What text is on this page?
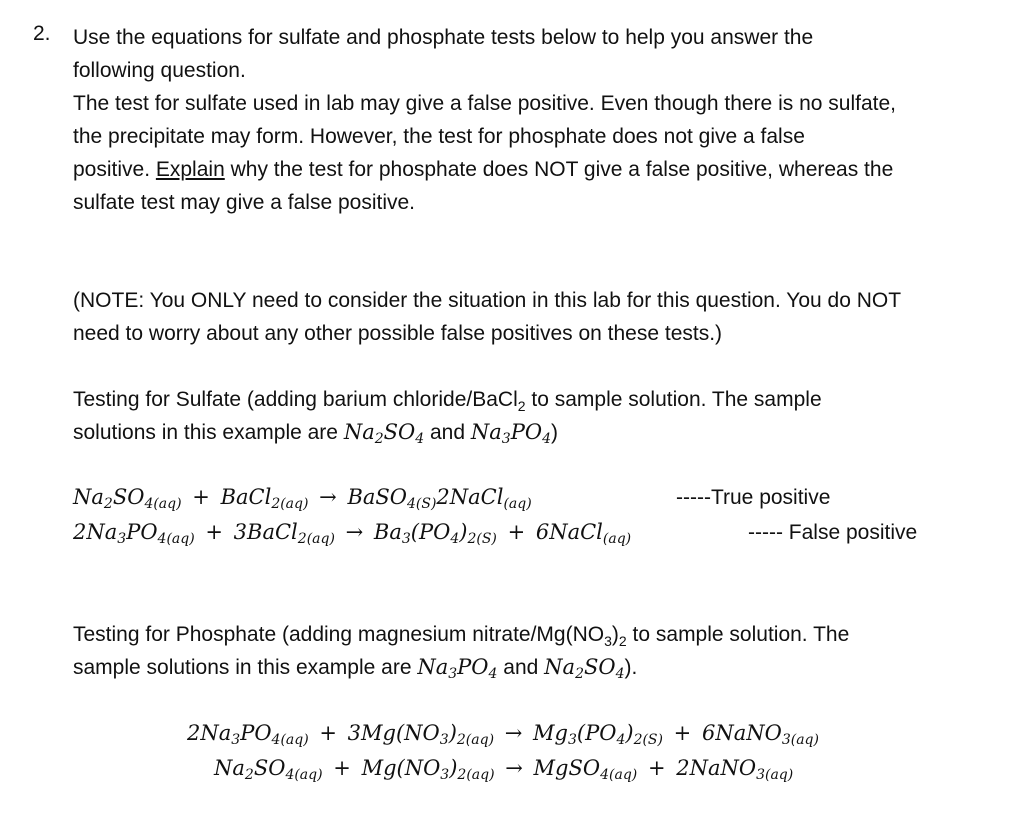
2. Use the equations for sulfate and phosphate tests below to help you answer the
following question.
The test for sulfate used in lab may give a false positive. Even though there is no sulfate,
the precipitate may form. However, the test for phosphate does not give a false
positive. Explain why the test for phosphate does NOT give a false positive, whereas the
sulfate test may give a false positive.
(NOTE: You ONLY need to consider the situation in this lab for this question. You do NOT
need to worry about any other possible false positives on these tests.)
Testing for Sulfate (adding barium chloride/BaCl$_2$ to sample solution. The sample
solutions in this example are $Na_2SO_4$ and $Na_3PO_4$)
$Na_2SO_{4(aq)}$ + BaCl$_{2(aq)}$ → BaSO$_{4(S)}$2NaCl$_{(aq)}$	-----True positive
$2Na_3PO_{4(aq)}$ + 3BaCl$_{2(aq)}$ → $Ba_3(PO_4)_{2(S)}$ + 6NaCl$_{(aq)}$	----- False positive
Testing for Phosphate (adding magnesium nitrate/$Mg(NO_3)_2$ to sample solution. The
sample solutions in this example are $Na_3PO_4$ and $Na_2SO_4$).
$2Na_3PO_{4(aq)} + 3Mg(NO_3)_{2(aq)} \to Mg_3(PO_4)_{2(S)}$ + 6NaNO$_{3(aq)}$
$Na_2SO_{4(aq)} + Mg(NO_3)_{2(aq)}$ → MgSO$_{4(aq)}$ + 2NaNO$_{3(aq)}$
